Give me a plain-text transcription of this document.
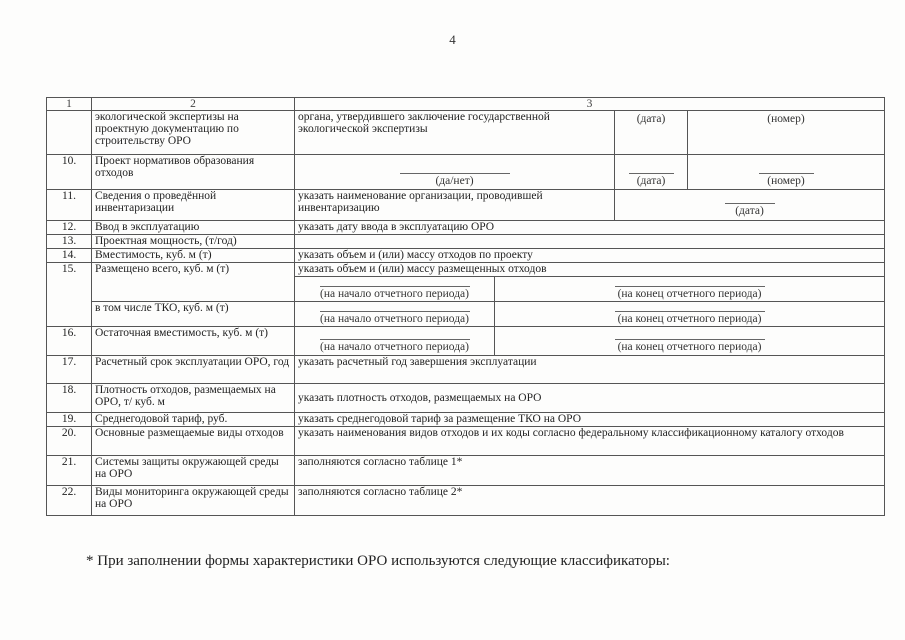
4
1	2	3			
	экологической экспертизы на проектную документацию по строительству ОРО	органа, утвердившего заключение государственной экологической экспертизы		(дата)	(номер)
10.	Проект нормативов образования отходов	(да/нет)		(дата)	(номер)
11.	Сведения о проведённой инвентаризации	указать наименование организации, проводившей инвентаризацию		(дата)	
12.	Ввод в эксплуатацию	указать дату ввода в эксплуатацию ОРО			
13.	Проектная мощность, (т/год)				
14.	Вместимость, куб. м (т)	указать объем и (или) массу отходов по проекту			
15.	Размещено всего, куб. м (т)	указать объем и (или) массу размещенных отходов			
		(на начало отчетного периода)	(на конец отчетного периода)		
	в том числе ТКО, куб. м (т)	(на начало отчетного периода)	(на конец отчетного периода)		
16.	Остаточная вместимость, куб. м (т)	(на начало отчетного периода)	(на конец отчетного периода)		
17.	Расчетный срок эксплуатации ОРО, год	указать расчетный год завершения эксплуатации			
18.	Плотность отходов, размещаемых на ОРО, т/ куб. м	указать плотность отходов, размещаемых на ОРО			
19.	Среднегодовой тариф, руб.	указать среднегодовой тариф за размещение ТКО на ОРО			
20.	Основные размещаемые виды отходов	указать наименования видов отходов и их коды согласно федеральному классификационному каталогу отходов			
21.	Системы защиты окружающей среды на ОРО	заполняются согласно таблице 1*			
22.	Виды мониторинга окружающей среды на ОРО	заполняются согласно таблице 2*			
* При заполнении формы характеристики ОРО используются следующие классификаторы:
